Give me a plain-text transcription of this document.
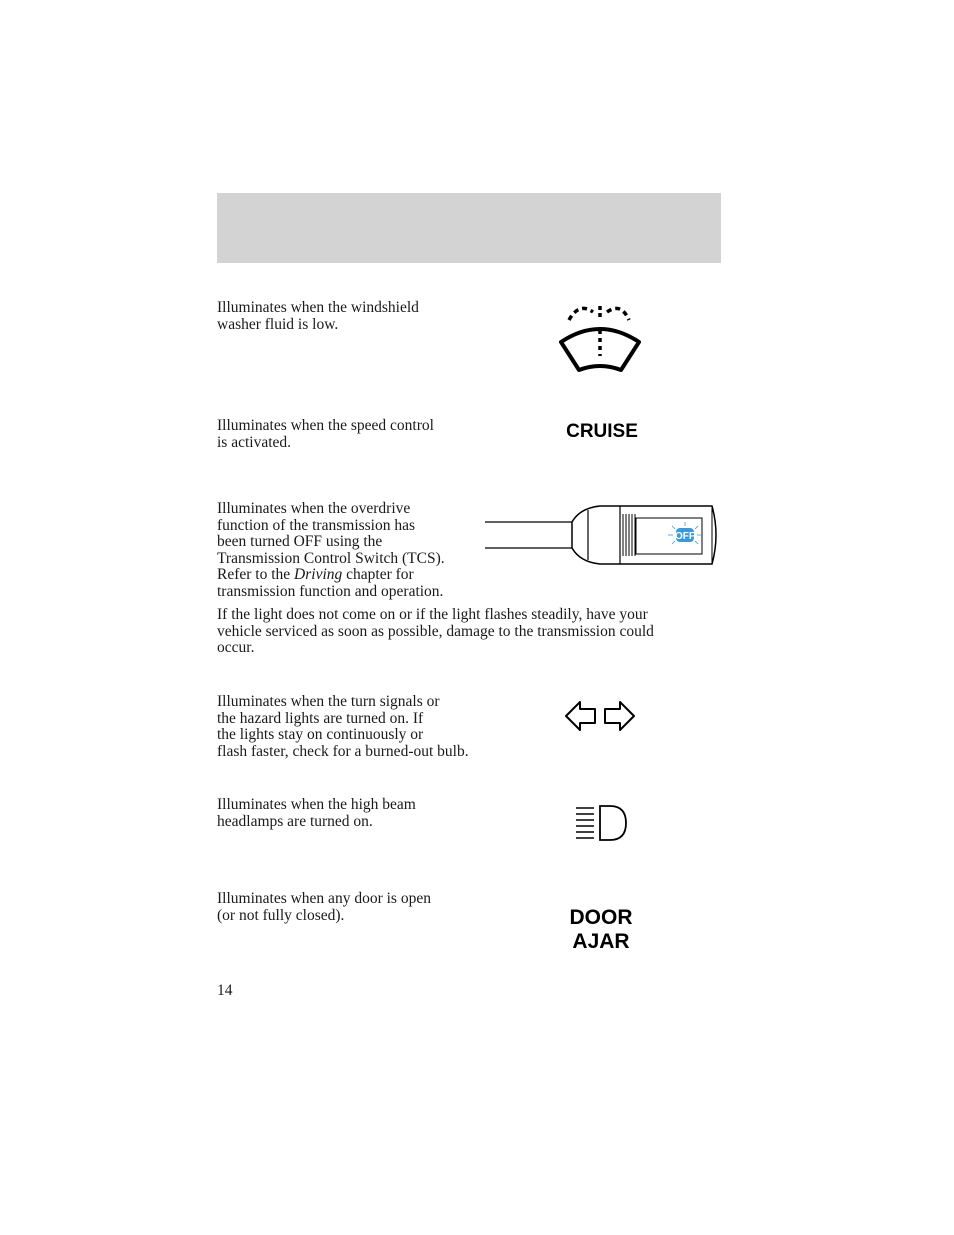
Illuminates when the windshield

washer fluid is low.

Illuminates when the speed control

is activated.

CRUISE

Illuminates when the overdrive

function of the transmission has

been turned OFF using the

Transmission Control Switch (TCS).

Refer to the Driving chapter for

transmission function and operation.

OFF

If the light does not come on or if the light flashes steadily, have your

vehicle serviced as soon as possible, damage to the transmission could

occur.

Illuminates when the turn signals or

the hazard lights are turned on. If

the lights stay on continuously or

flash faster, check for a burned-out bulb.

Illuminates when the high beam

headlamps are turned on.

Illuminates when any door is open

(or not fully closed).	DOOR
AJAR
14
